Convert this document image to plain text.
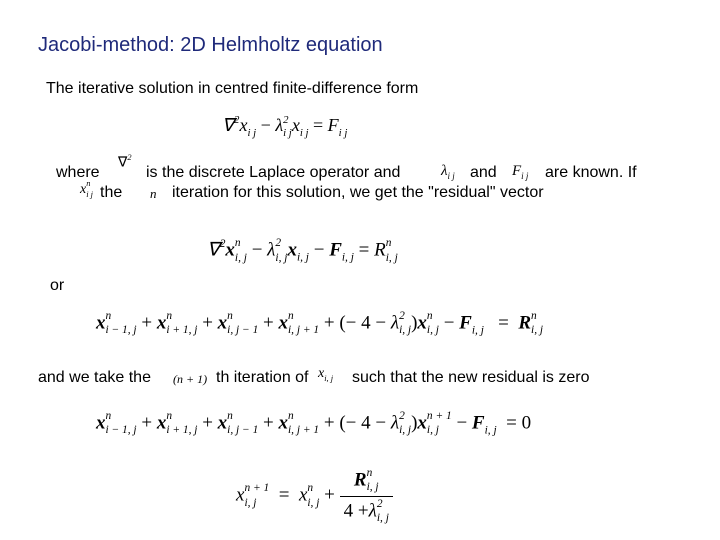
Jacobi-method: 2D Helmholtz equation
The iterative solution in centred finite-difference form
$\nabla^2x_{i j} - \lambda$ 2
i j $x_{i j} = F_{i j}$
where
∇$^2$
is the discrete Laplace operator and	$\lambda_{i j}$ and $F_{i j}$ are known. If
x n
i j the n iteration for this solution, we get the "residual" vector
∇$^2$x n
i, j − λ 2
i, j $x_{i, j} - F_{i, j} = R$ n
i, j
or
x n
i − 1, j + x n
i + 1, j + x n
i, j − 1 + x n
i, j + 1 + (− 4 − λ 2
i, j )x n
i, $j - F_{i, j} = R$ n
i, j
and we take the (n + 1) th iteration of $x_{i, j}$ such that the new residual is zero
x n
i − 1, j + x n
i + 1, j + x n
i, j − 1 + x n
i, j + 1 + (− 4 − λ 2
i, j )x n + 1
i, $j - F_{i, j} = 0$
x n + 1
i, j	= x n
i, j + R n
i, j
4 +λ 2
i, j
